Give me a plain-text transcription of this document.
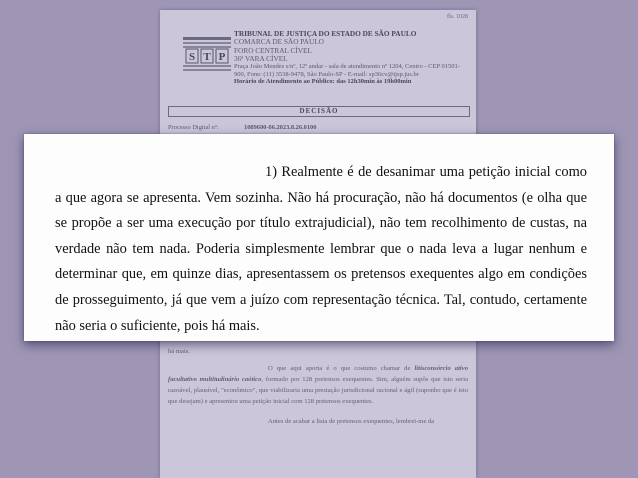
fls. 1028
S T P
TRIBUNAL DE JUSTIÇA DO ESTADO DE SÃO PAULO
COMARCA DE SÃO PAULO
FORO CENTRAL CÍVEL
36ª VARA CÍVEL
Praça João Mendes s/nº, 12º andar - sala de atendimento nº 1204, Centro - CEP 01501-900, Fone: (11) 3538-9478, São Paulo-SP - E-mail: sp36cv@tjsp.jus.br
Horário de Atendimento ao Público: das 12h30min às 19h00min
DECISÃO
Processo Digital nº:	1089600-06.2023.8.26.0100

há mais.

O que aqui aporta é o que costumo chamar de litisconsórcio ativo facultativo multitudinário caótico, formado por 128 pretensos exequentes. Sim, alguém supôs que isto seria razoável, plausível, "econômico", que viabilizaria uma prestação jurisdicional racional e ágil (suponho que é isto que desejam) e apresentou uma petição inicial com 128 pretensos exequentes.

Antes de acabar a lista de pretensos exequentes, lembrei-me da

1) Realmente é de desanimar uma petição inicial como a que agora se apresenta. Vem sozinha. Não há procuração, não há documentos (e olha que se propõe a ser uma execução por título extrajudicial), não tem recolhimento de custas, na verdade não tem nada. Poderia simplesmente lembrar que o nada leva a lugar nenhum e determinar que, em quinze dias, apresentassem os pretensos exequentes algo em condições de prosseguimento, já que vem a juízo com representação técnica. Tal, contudo, certamente não seria o suficiente, pois há mais.
